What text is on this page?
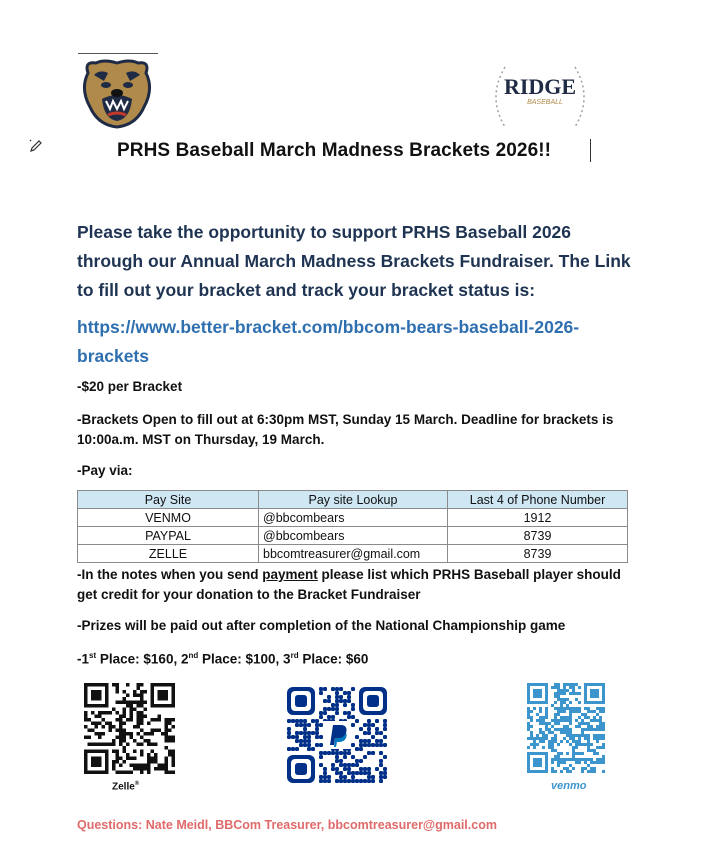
RIDGE
BASEBALL
PRHS Baseball March Madness Brackets 2026!!
Please take the opportunity to support PRHS Baseball 2026 through our Annual March Madness Brackets Fundraiser. The Link to fill out your bracket and track your bracket status is:
https://www.better-bracket.com/bbcom-bears-baseball-2026-brackets
-$20 per Bracket
-Brackets Open to fill out at 6:30pm MST, Sunday 15 March. Deadline for brackets is 10:00a.m. MST on Thursday, 19 March.
-Pay via:
Pay Site	Pay site Lookup	Last 4 of Phone Number
VENMO	@bbcombears	1912
PAYPAL	@bbcombears	8739
ZELLE	bbcomtreasurer@gmail.com	8739
-In the notes when you send payment please list which PRHS Baseball player should get credit for your donation to the Bracket Fundraiser
-Prizes will be paid out after completion of the National Championship game
-1st Place: $160, 2nd Place: $100, 3rd Place: $60
Zelle®	venmo
Questions: Nate Meidl, BBCom Treasurer, bbcomtreasurer@gmail.com
